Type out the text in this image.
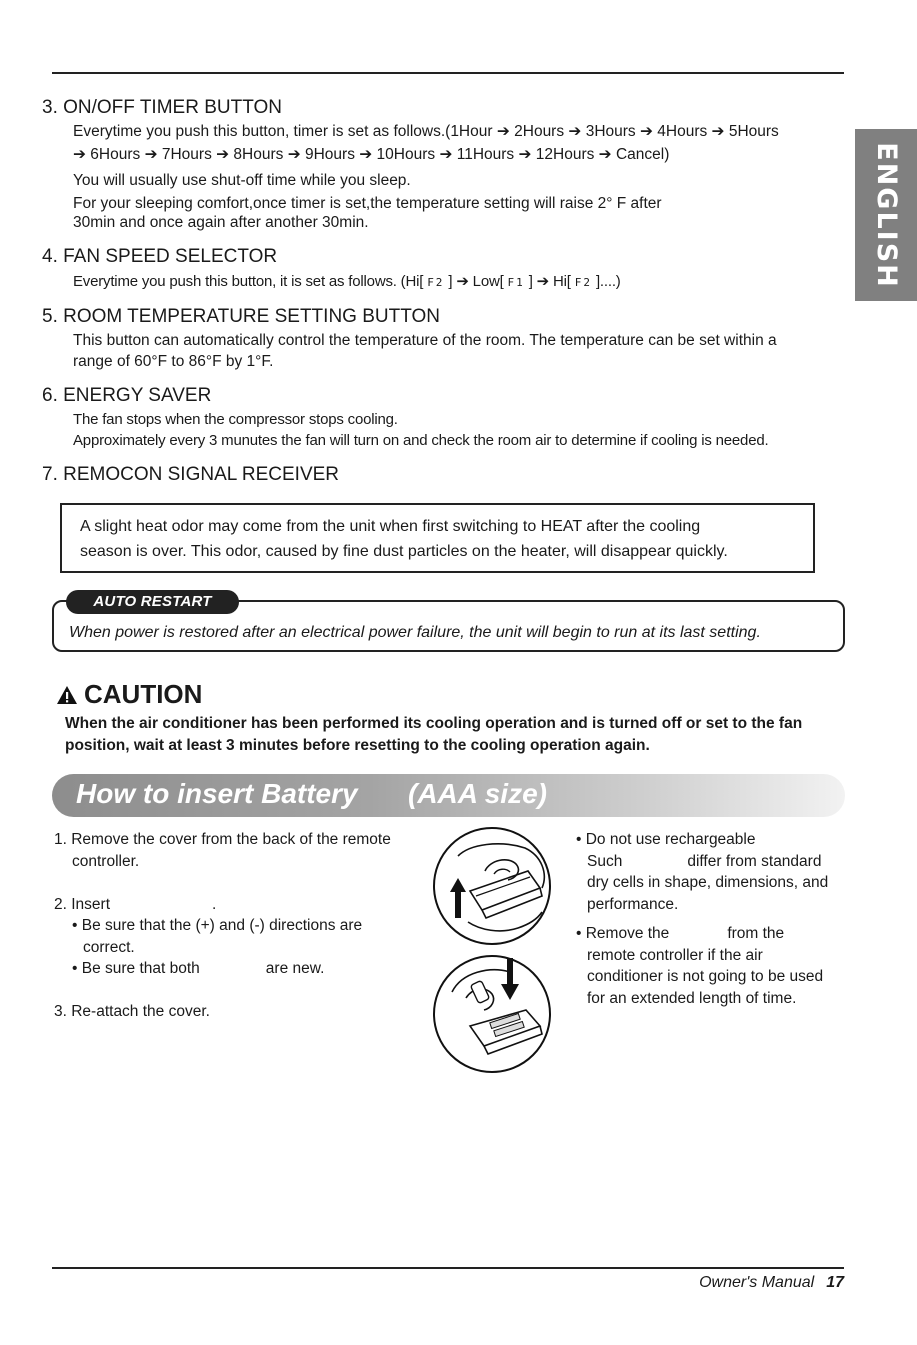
ENGLISH
3. ON/OFF TIMER BUTTON
Everytime you push this button, timer is set as follows.(1Hour ➔ 2Hours ➔ 3Hours ➔ 4Hours ➔ 5Hours
➔ 6Hours ➔ 7Hours ➔ 8Hours ➔ 9Hours ➔ 10Hours ➔ 11Hours ➔ 12Hours ➔ Cancel)
You will usually use shut-off time while you sleep.
For your sleeping comfort,once timer is set,the temperature setting will raise 2° F after
30min and once again after another 30min.
4. FAN SPEED SELECTOR
Everytime you push this button, it is set as follows. (Hi[ F2 ] ➔ Low[ F1 ] ➔ Hi[ F2 ]....)
5. ROOM TEMPERATURE SETTING BUTTON
This button can automatically control the temperature of the room. The temperature can be set within a
range of 60°F to 86°F by 1°F.
6. ENERGY SAVER
The fan stops when the compressor stops cooling.
Approximately every 3 munutes the fan will turn on and check the room air to determine if cooling is needed.
7. REMOCON SIGNAL RECEIVER

A slight heat odor may come from the unit when first switching to HEAT after the cooling

season is over. This odor, caused by fine dust particles on the heater, will disappear quickly.

AUTO RESTART
When power is restored after an electrical power failure, the unit will begin to run at its last setting.
CAUTION
When the air conditioner has been performed its cooling operation and is turned off or set to the fan
position, wait at least 3 minutes before resetting to the cooling operation again.
How to insert Battery (AAA size)
1. Remove the cover from the back of the remote
controller.
2. Insert	.
• Be sure that the (+) and (-) directions are
correct.
• Be sure that both	are new.
3. Re-attach the cover.
• Do not use rechargeable
Such	differ from standard
dry cells in shape, dimensions, and
performance.
• Remove the	from the
remote controller if the air
conditioner is not going to be used
for an extended length of time.
Owner's Manual 17
